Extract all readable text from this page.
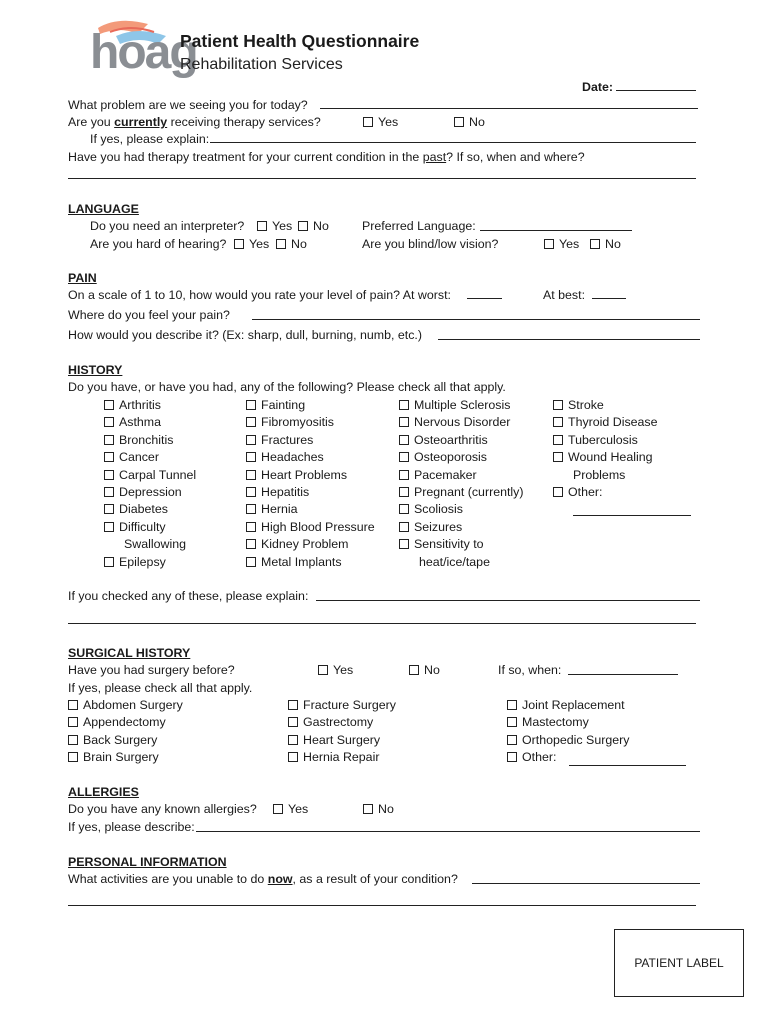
hoag
Patient Health Questionnaire
Rehabilitation Services
Date:
What problem are we seeing you for today?
Are you currently receiving therapy services?	Yes	No
If yes, please explain:
Have you had therapy treatment for your current condition in the past? If so, when and where?
LANGUAGE
Do you need an interpreter?	Yes	No	Preferred Language:
Are you hard of hearing?	Yes	No	Are you blind/low vision?	Yes	No
PAIN
On a scale of 1 to 10, how would you rate your level of pain? At worst:	At best:
Where do you feel your pain?
How would you describe it? (Ex: sharp, dull, burning, numb, etc.)
HISTORY
Do you have, or have you had, any of the following? Please check all that apply.
Arthritis
Asthma
Bronchitis
Cancer
Carpal Tunnel
Depression
Diabetes
Difficulty
Swallowing
Epilepsy
Fainting
Fibromyositis
Fractures
Headaches
Heart Problems
Hepatitis
Hernia
High Blood Pressure
Kidney Problem
Metal Implants
Multiple Sclerosis
Nervous Disorder
Osteoarthritis
Osteoporosis
Pacemaker
Pregnant (currently)
Scoliosis
Seizures
Sensitivity to
heat/ice/tape
Stroke
Thyroid Disease
Tuberculosis
Wound Healing
Problems
Other:
If you checked any of these, please explain:
SURGICAL HISTORY
Have you had surgery before?	Yes	No	If so, when:
If yes, please check all that apply.
Abdomen Surgery
Appendectomy
Back Surgery
Brain Surgery
Fracture Surgery
Gastrectomy
Heart Surgery
Hernia Repair
Joint Replacement
Mastectomy
Orthopedic Surgery
Other:
ALLERGIES
Do you have any known allergies?	Yes	No
If yes, please describe:
PERSONAL INFORMATION
What activities are you unable to do now, as a result of your condition?
PATIENT LABEL
